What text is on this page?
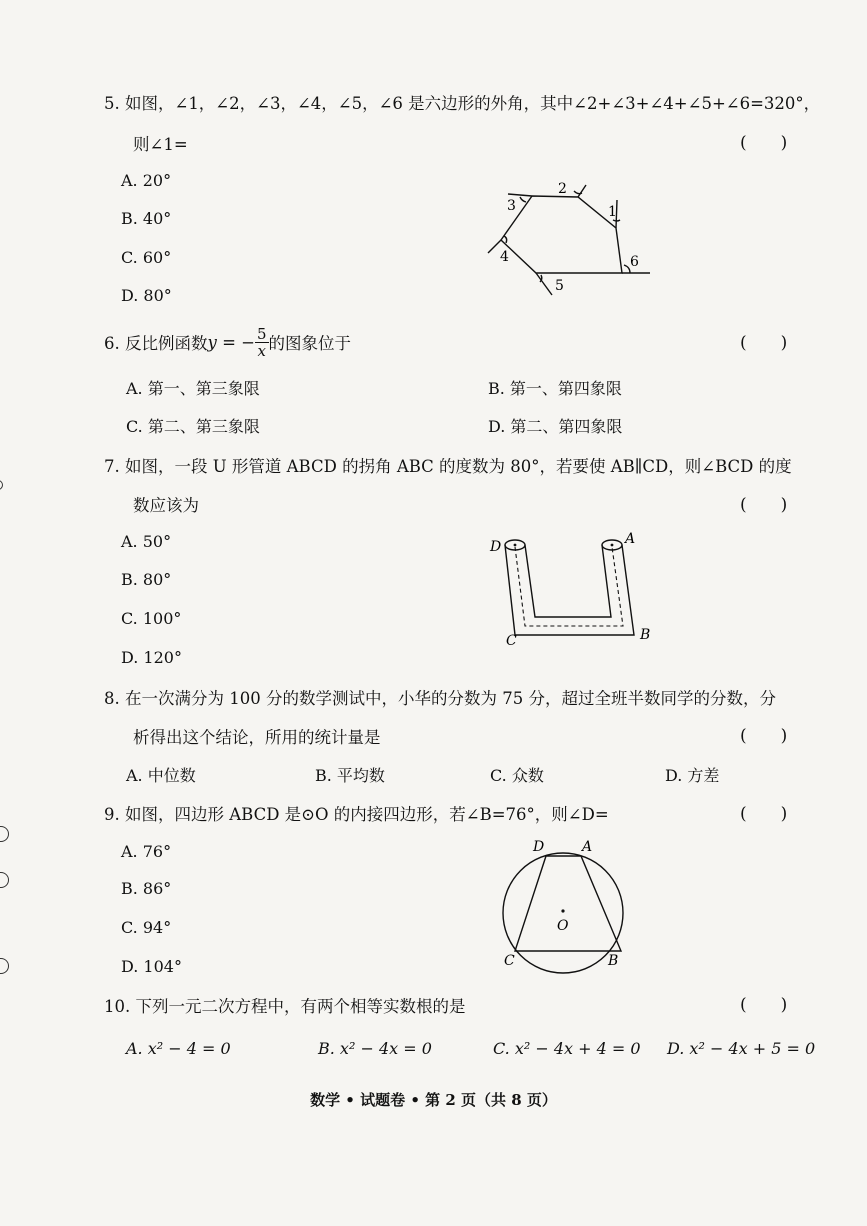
5. 如图，∠1，∠2，∠3，∠4，∠5，∠6 是六边形的外角，其中∠2+∠3+∠4+∠5+∠6=320°，
则∠1=	(　　)
A. 20°
B. 40°
C. 60°
D. 80°
2
1
3
4
5
6
6. 反比例函数 y = − $\frac{5}{x}$ 的图象位于	(　　)
A. 第一、第三象限	B. 第一、第四象限
C. 第二、第三象限	D. 第二、第四象限
7. 如图，一段 U 形管道 ABCD 的拐角 ABC 的度数为 80°，若要使 AB∥CD，则∠BCD 的度
数应该为	(　　)
A. 50°
B. 80°
C. 100°
D. 120°
D	A
C	B
8. 在一次满分为 100 分的数学测试中，小华的分数为 75 分，超过全班半数同学的分数，分
析得出这个结论，所用的统计量是	(　　)
A. 中位数	B. 平均数	C. 众数	D. 方差
9. 如图，四边形 ABCD 是⊙O 的内接四边形，若∠B=76°，则∠D=	(　　)
A. 76°
B. 86°
C. 94°
D. 104°
D	A
O
C	B
10. 下列一元二次方程中，有两个相等实数根的是	(　　)
A. x² − 4 = 0	B. x² − 4x = 0	C. x² − 4x + 4 = 0 D. x² − 4x + 5 = 0
数学 • 试题卷 • 第 2 页（共 8 页）
